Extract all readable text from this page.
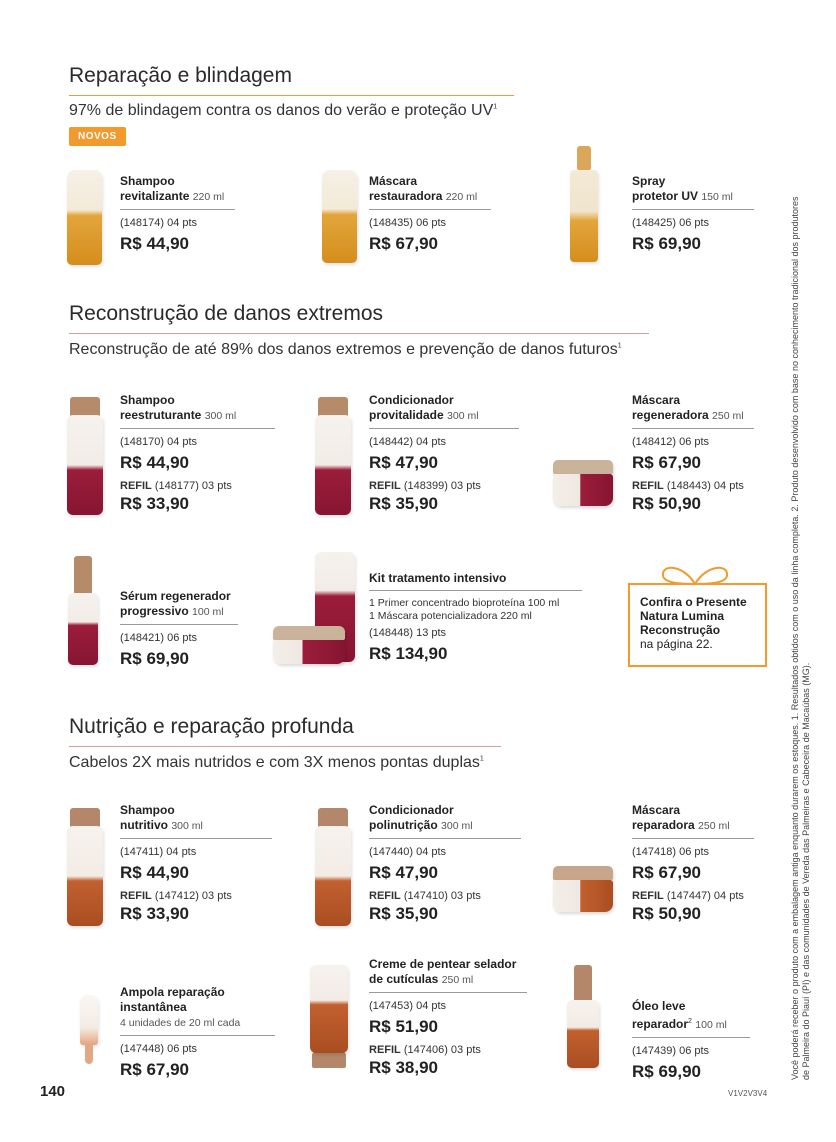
Reparação e blindagem
97% de blindagem contra os danos do verão e proteção $UV^1$
NOVOS
Shampoo
revitalizante 220 ml
(148174) 04 pts
R$ 44,90
Máscara
restauradora 220 ml
(148435) 06 pts
R$ 67,90
Spray
protetor UV 150 ml
(148425) 06 pts
R$ 69,90
Reconstrução de danos extremos
Reconstrução de até 89% dos danos extremos e prevenção de danos futuros$^1$
Shampoo
reestruturante 300 ml
(148170) 04 pts
R$ 44,90
REFIL (148177) 03 pts
R$ 33,90
Condicionador
provitalidade 300 ml
(148442) 04 pts
R$ 47,90
REFIL (148399) 03 pts
R$ 35,90
Máscara
regeneradora 250 ml
(148412) 06 pts
R$ 67,90
REFIL (148443) 04 pts
R$ 50,90
Sérum regenerador
progressivo 100 ml
(148421) 06 pts
R$ 69,90
Kit tratamento intensivo
1 Primer concentrado bioproteína 100 ml
1 Máscara potencializadora 220 ml
(148448) 13 pts
R$ 134,90
Confira o Presente
Natura Lumina
Reconstrução
na página 22.
Nutrição e reparação profunda
Cabelos 2X mais nutridos e com 3X menos pontas duplas$^1$
Shampoo
nutritivo 300 ml
(147411) 04 pts
R$ 44,90
REFIL (147412) 03 pts
R$ 33,90
Condicionador
polinutrição 300 ml
(147440) 04 pts
R$ 47,90
REFIL (147410) 03 pts
R$ 35,90
Máscara
reparadora 250 ml
(147418) 06 pts
R$ 67,90
REFIL (147447) 04 pts
R$ 50,90
Ampola reparação
instantânea
4 unidades de 20 ml cada
(147448) 06 pts
R$ 67,90
Creme de pentear selador
de cutículas 250 ml
(147453) 04 pts
R$ 51,90
REFIL (147406) 03 pts
R$ 38,90
Óleo leve
reparador$^2$ 100 ml
(147439) 06 pts
R$ 69,90
140	V1V2V3V4
Você poderá receber o produto com a embalagem antiga enquanto durarem os estoques. 1. Resultados obtidos com o uso da linha completa. 2. Produto desenvolvido com base no conhecimento tradicional dos produtores de Palmeira do Piauí (PI) e das comunidades de Vereda das Palmeiras e Cabeceira de Macaúbas (MG).
